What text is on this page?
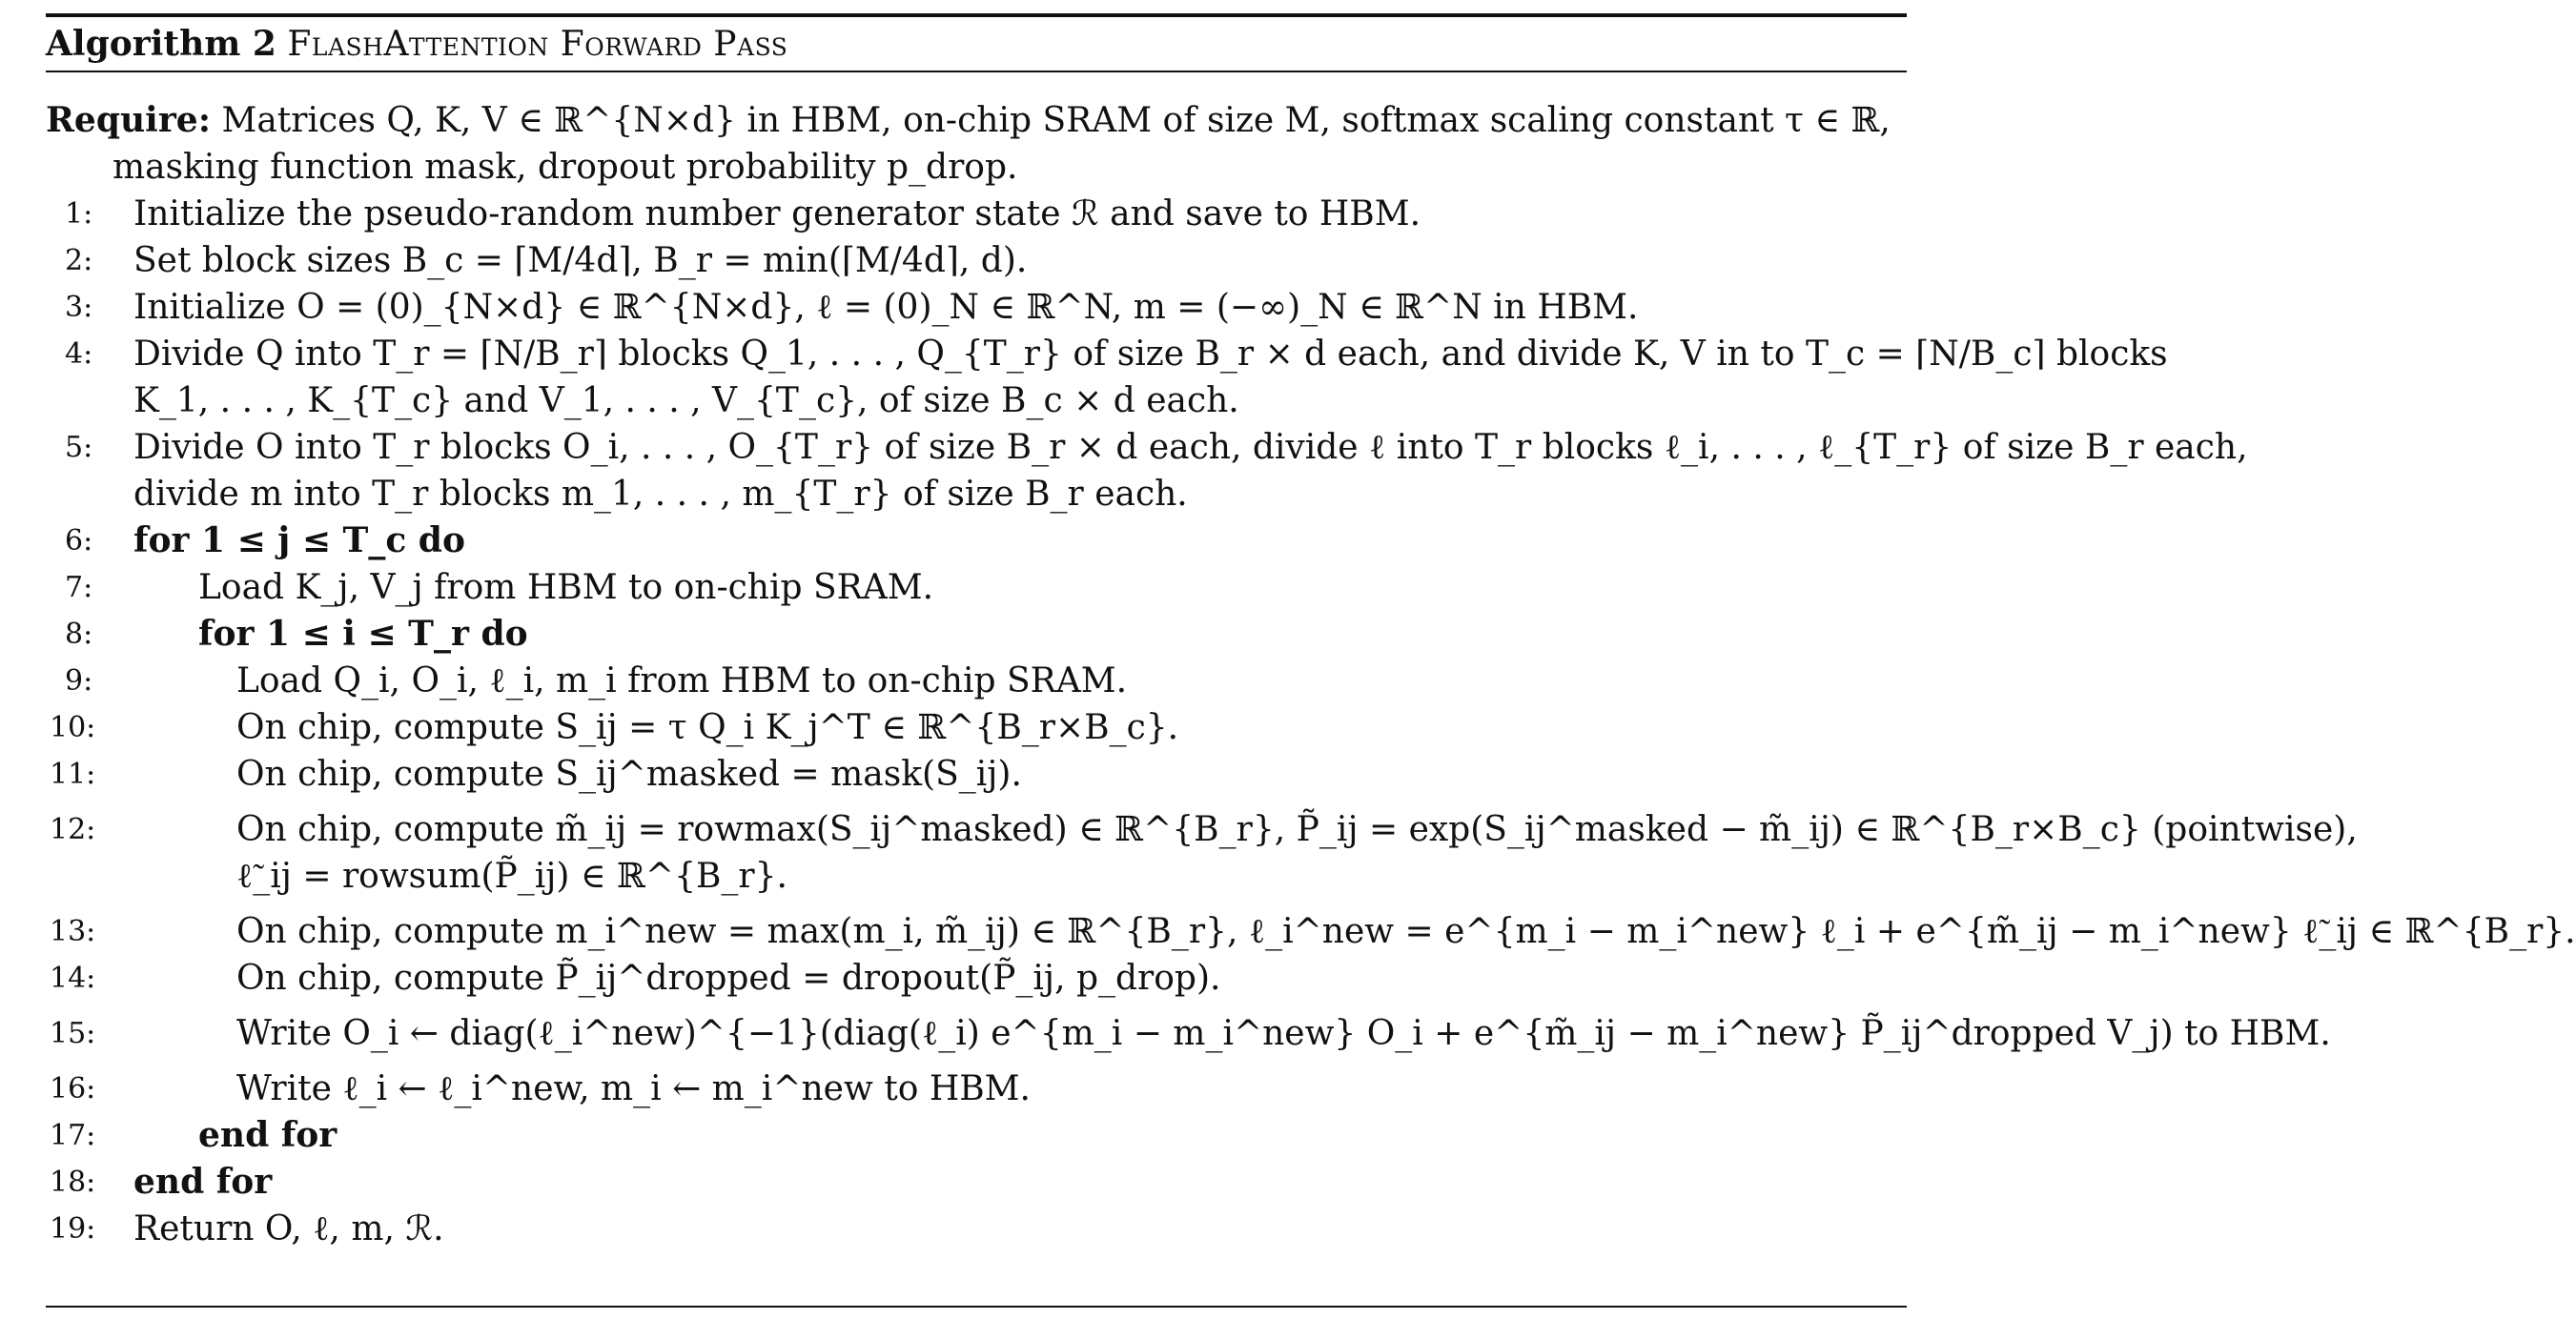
Algorithm 2 FlashAttention Forward Pass
Require: Matrices Q, K, V ∈ ℝ^{N×d} in HBM, on-chip SRAM of size M, softmax scaling constant τ ∈ ℝ,
masking function mask, dropout probability p_drop.
1:	Initialize the pseudo-random number generator state ℛ and save to HBM.
2:	Set block sizes B_c = ⌈M/4d⌉, B_r = min(⌈M/4d⌉, d).
3:	Initialize O = (0)_{N×d} ∈ ℝ^{N×d}, ℓ = (0)_N ∈ ℝ^N, m = (−∞)_N ∈ ℝ^N in HBM.
4:	Divide Q into T_r = ⌈N/B_r⌉ blocks Q_1, . . . , Q_{T_r} of size B_r × d each, and divide K, V in to T_c = ⌈N/B_c⌉ blocks
K_1, . . . , K_{T_c} and V_1, . . . , V_{T_c}, of size B_c × d each.
5:	Divide O into T_r blocks O_i, . . . , O_{T_r} of size B_r × d each, divide ℓ into T_r blocks ℓ_i, . . . , ℓ_{T_r} of size B_r each,
divide m into T_r blocks m_1, . . . , m_{T_r} of size B_r each.
6:	for 1 ≤ j ≤ T_c do
7:	Load K_j, V_j from HBM to on-chip SRAM.
8:	for 1 ≤ i ≤ T_r do
9:	Load Q_i, O_i, ℓ_i, m_i from HBM to on-chip SRAM.
10:	On chip, compute S_ij = τ Q_i K_j^T ∈ ℝ^{B_r×B_c}.
11:	On chip, compute S_ij^masked = mask(S_ij).
12:	On chip, compute m̃_ij = rowmax(S_ij^masked) ∈ ℝ^{B_r}, P̃_ij = exp(S_ij^masked − m̃_ij) ∈ ℝ^{B_r×B_c} (pointwise),
ℓ̃_ij = rowsum(P̃_ij) ∈ ℝ^{B_r}.
13:	On chip, compute m_i^new = max(m_i, m̃_ij) ∈ ℝ^{B_r}, ℓ_i^new = e^{m_i − m_i^new} ℓ_i + e^{m̃_ij − m_i^new} ℓ̃_ij ∈ ℝ^{B_r}.
14:	On chip, compute P̃_ij^dropped = dropout(P̃_ij, p_drop).
15:	Write O_i ← diag(ℓ_i^new)^{−1}(diag(ℓ_i) e^{m_i − m_i^new} O_i + e^{m̃_ij − m_i^new} P̃_ij^dropped V_j) to HBM.
16:	Write ℓ_i ← ℓ_i^new, m_i ← m_i^new to HBM.
17:	end for
18:	end for
19:	Return O, ℓ, m, ℛ.
